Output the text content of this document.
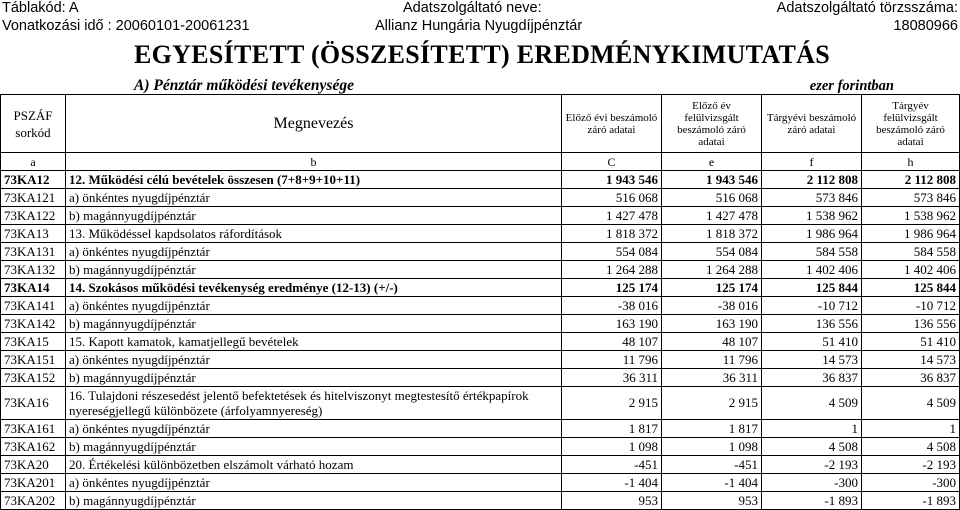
Táblakód: A	Adatszolgáltató neve:	Adatszolgáltató törzsszáma:
Vonatkozási idő : 20060101-20061231	Allianz Hungária Nyugdíjpénztár	18080966
EGYESÍTETT (ÖSSZESÍTETT) EREDMÉNYKIMUTATÁS
A) Pénztár működési tevékenysége	ezer forintban
PSZÁF sorkód	Megnevezés	Előző évi beszámoló záró adatai	Előző év felülvizsgált beszámoló záró adatai	Tárgyévi beszámoló záró adatai	Tárgyév felülvizsgált beszámoló záró adatai
a	b	C	e	f	h
73KA12	12. Működési célú bevételek összesen (7+8+9+10+11)	1 943 546	1 943 546	2 112 808	2 112 808
73KA121	a) önkéntes nyugdíjpénztár	516 068	516 068	573 846	573 846
73KA122	b) magánnyugdíjpénztár	1 427 478	1 427 478	1 538 962	1 538 962
73KA13	13. Működéssel kapdsolatos ráfordítások	1 818 372	1 818 372	1 986 964	1 986 964
73KA131	a) önkéntes nyugdíjpénztár	554 084	554 084	584 558	584 558
73KA132	b) magánnyugdíjpénztár	1 264 288	1 264 288	1 402 406	1 402 406
73KA14	14. Szokásos működési tevékenység eredménye (12-13) (+/-)	125 174	125 174	125 844	125 844
73KA141	a) önkéntes nyugdíjpénztár	-38 016	-38 016	-10 712	-10 712
73KA142	b) magánnyugdíjpénztár	163 190	163 190	136 556	136 556
73KA15	15. Kapott kamatok, kamatjellegű bevételek	48 107	48 107	51 410	51 410
73KA151	a) önkéntes nyugdíjpénztár	11 796	11 796	14 573	14 573
73KA152	b) magánnyugdíjpénztár	36 311	36 311	36 837	36 837
73KA16	16. Tulajdoni részesedést jelentő befektetések és hitelviszonyt megtestesítő értékpapírok nyereségjellegű különbözete (árfolyamnyereség)	2 915	2 915	4 509	4 509
73KA161	a) önkéntes nyugdíjpénztár	1 817	1 817	1	1
73KA162	b) magánnyugdíjpénztár	1 098	1 098	4 508	4 508
73KA20	20. Értékelési különbözetben elszámolt várható hozam	-451	-451	-2 193	-2 193
73KA201	a) önkéntes nyugdíjpénztár	-1 404	-1 404	-300	-300
73KA202	b) magánnyugdíjpénztár	953	953	-1 893	-1 893
